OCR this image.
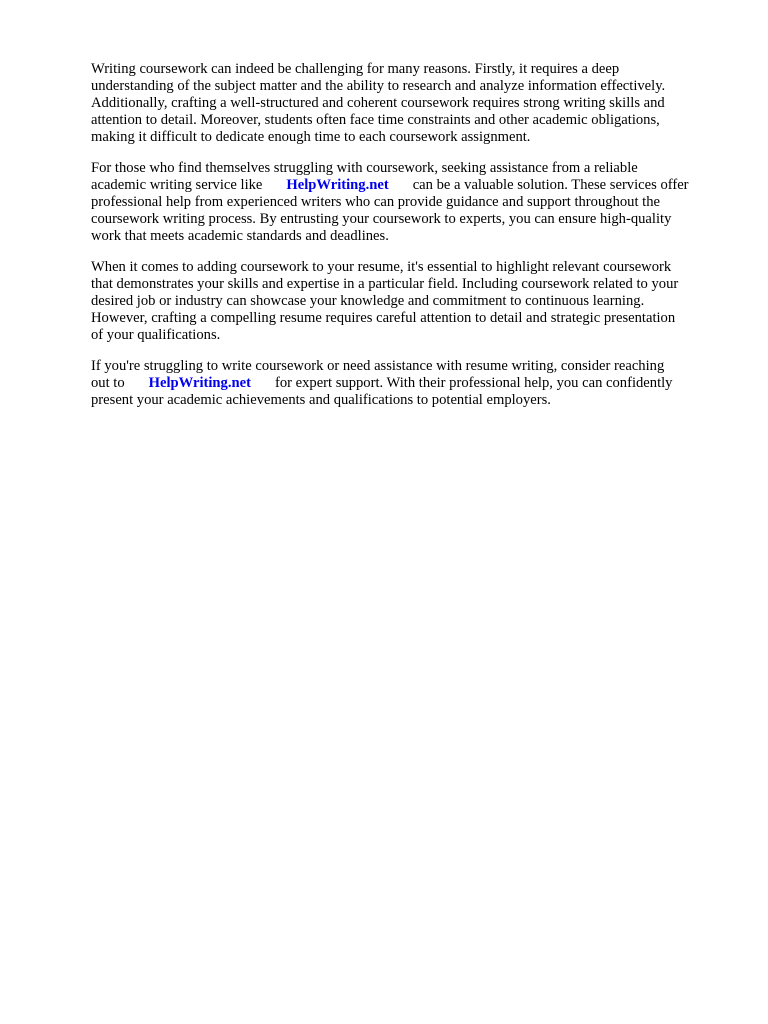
Writing coursework can indeed be challenging for many reasons. Firstly, it requires a deep
understanding of the subject matter and the ability to research and analyze information effectively.
Additionally, crafting a well-structured and coherent coursework requires strong writing skills and
attention to detail. Moreover, students often face time constraints and other academic obligations,
making it difficult to dedicate enough time to each coursework assignment.

For those who find themselves struggling with coursework, seeking assistance from a reliable
academic writing service like HelpWriting.net can be a valuable solution. These services offer
professional help from experienced writers who can provide guidance and support throughout the
coursework writing process. By entrusting your coursework to experts, you can ensure high-quality
work that meets academic standards and deadlines.

When it comes to adding coursework to your resume, it's essential to highlight relevant coursework
that demonstrates your skills and expertise in a particular field. Including coursework related to your
desired job or industry can showcase your knowledge and commitment to continuous learning.
However, crafting a compelling resume requires careful attention to detail and strategic presentation
of your qualifications.

If you're struggling to write coursework or need assistance with resume writing, consider reaching
out to HelpWriting.net for expert support. With their professional help, you can confidently
present your academic achievements and qualifications to potential employers.
